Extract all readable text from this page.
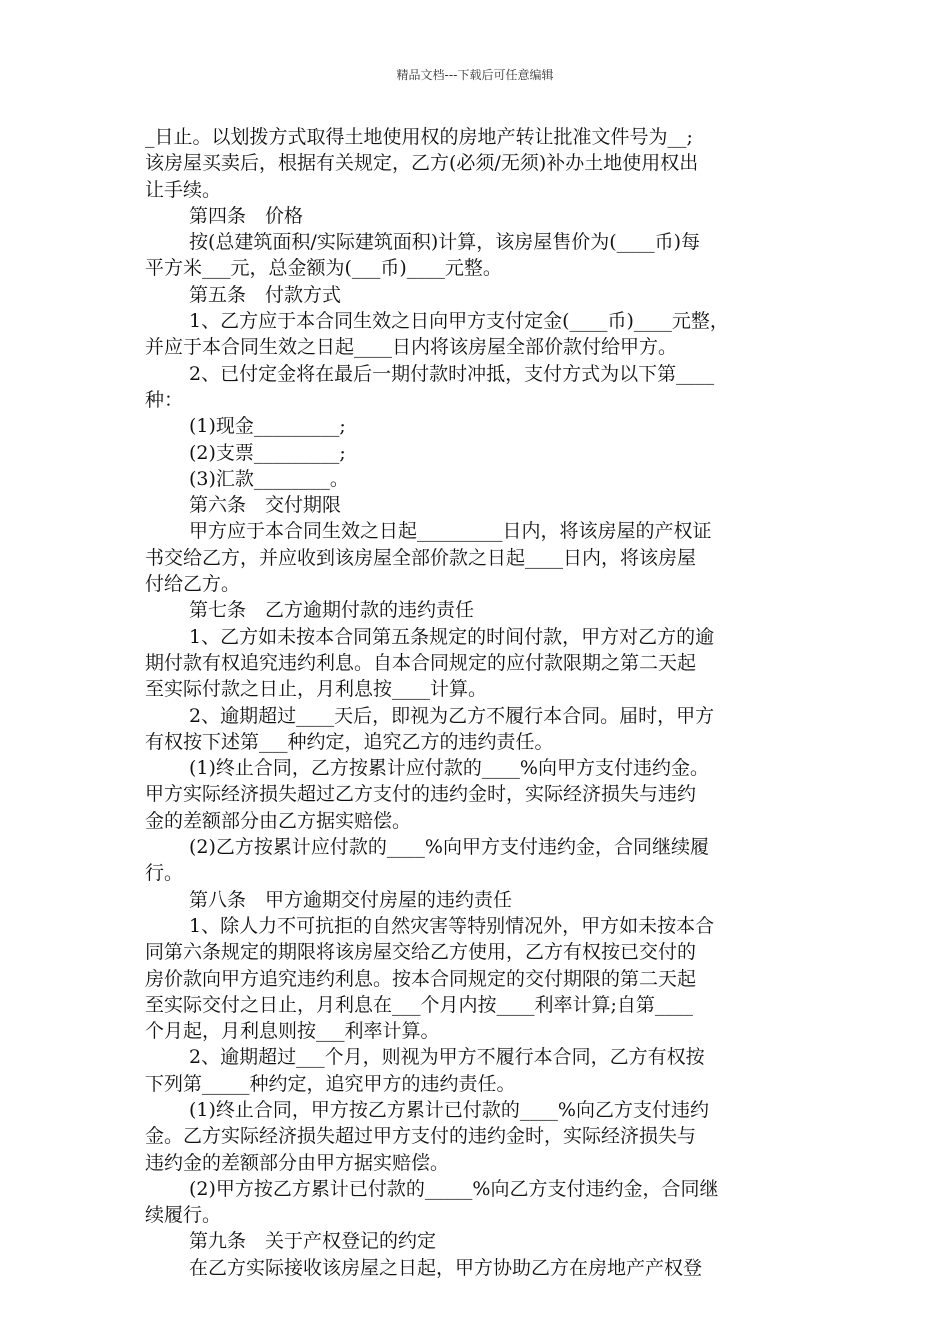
精品文档---下载后可任意编辑
_日止。以划拨方式取得土地使用权的房地产转让批准文件号为__;
该房屋买卖后，根据有关规定，乙方(必须/无须)补办土地使用权出
让手续。
第四条　价格
按(总建筑面积/实际建筑面积)计算，该房屋售价为(____币)每
平方米___元，总金额为(___币)____元整。
第五条　付款方式
1、乙方应于本合同生效之日向甲方支付定金(____币)____元整，
并应于本合同生效之日起____日内将该房屋全部价款付给甲方。
2、已付定金将在最后一期付款时冲抵，支付方式为以下第____
种：
(1)现金_________;
(2)支票_________;
(3)汇款________。
第六条　交付期限
甲方应于本合同生效之日起_________日内，将该房屋的产权证
书交给乙方，并应收到该房屋全部价款之日起____日内，将该房屋
付给乙方。
第七条　乙方逾期付款的违约责任
1、乙方如未按本合同第五条规定的时间付款，甲方对乙方的逾
期付款有权追究违约利息。自本合同规定的应付款限期之第二天起
至实际付款之日止，月利息按____计算。
2、逾期超过____天后，即视为乙方不履行本合同。届时，甲方
有权按下述第___种约定，追究乙方的违约责任。
(1)终止合同，乙方按累计应付款的____%向甲方支付违约金。
甲方实际经济损失超过乙方支付的违约金时，实际经济损失与违约
金的差额部分由乙方据实赔偿。
(2)乙方按累计应付款的____%向甲方支付违约金，合同继续履
行。
第八条　甲方逾期交付房屋的违约责任
1、除人力不可抗拒的自然灾害等特别情况外，甲方如未按本合
同第六条规定的期限将该房屋交给乙方使用，乙方有权按已交付的
房价款向甲方追究违约利息。按本合同规定的交付期限的第二天起
至实际交付之日止，月利息在___个月内按____利率计算;自第____
个月起，月利息则按___利率计算。
2、逾期超过___个月，则视为甲方不履行本合同，乙方有权按
下列第_____种约定，追究甲方的违约责任。
(1)终止合同，甲方按乙方累计已付款的____%向乙方支付违约
金。乙方实际经济损失超过甲方支付的违约金时，实际经济损失与
违约金的差额部分由甲方据实赔偿。
(2)甲方按乙方累计已付款的_____%向乙方支付违约金，合同继
续履行。
第九条　关于产权登记的约定
在乙方实际接收该房屋之日起，甲方协助乙方在房地产产权登
